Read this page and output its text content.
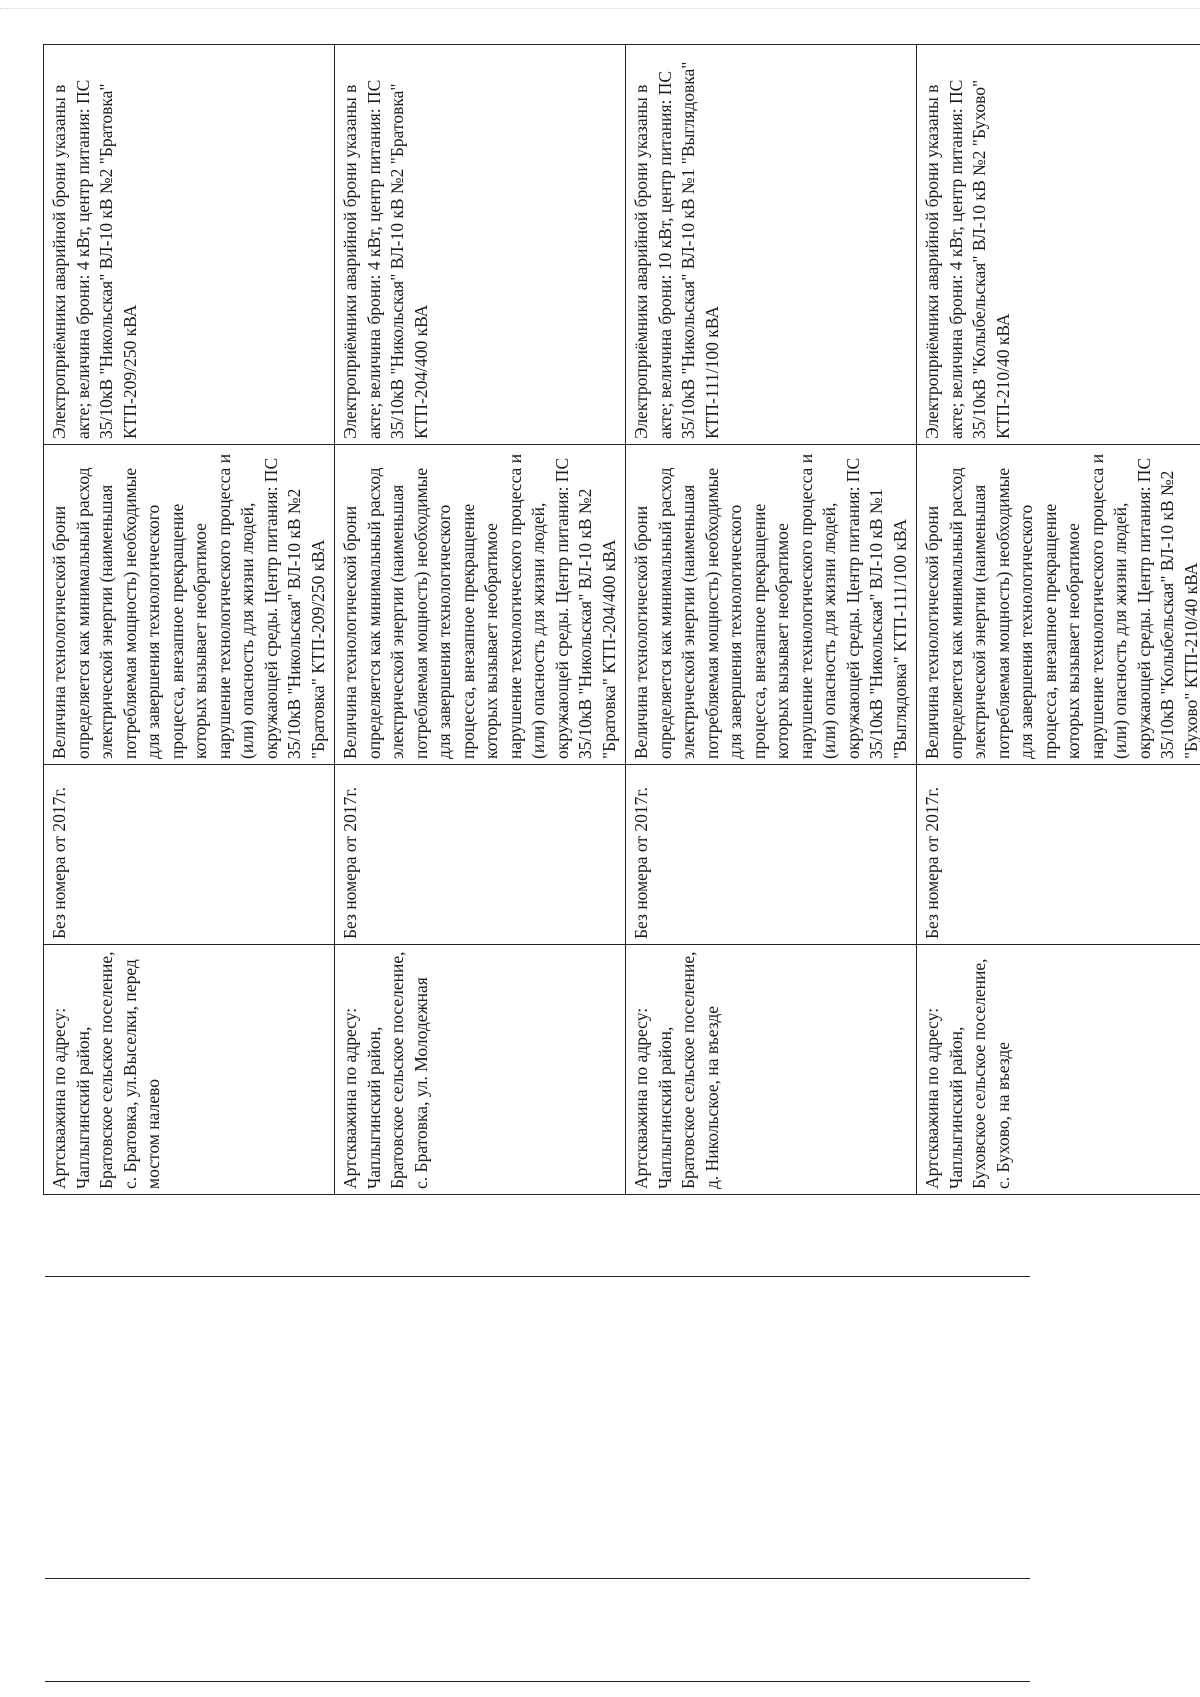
Артскважина по адресу: Чаплыгинский район, Братовское сельское поселение, с. Братовка, ул.Выселки, перед мостом налево	Без номера от 2017г.	Величина технологической брони определяется как минимальный расход электрической энергии (наименьшая потребляемая мощность) необходимые для завершения технологического процесса, внезапное прекращение которых вызывает необратимое нарушение технологического процесса и (или) опасность для жизни людей, окружающей среды. Центр питания: ПС 35/10кВ "Никольская" ВЛ-10 кВ №2 "Братовка" КТП-209/250 кВА	Электроприёмники аварийной брони указаны в акте; величина брони: 4 кВт, центр питания: ПС 35/10кВ "Никольская" ВЛ-10 кВ №2 "Братовка" КТП-209/250 кВА
Артскважина по адресу: Чаплыгинский район, Братовское сельское поселение, с. Братовка, ул. Молодежная	Без номера от 2017г.	Величина технологической брони определяется как минимальный расход электрической энергии (наименьшая потребляемая мощность) необходимые для завершения технологического процесса, внезапное прекращение которых вызывает необратимое нарушение технологического процесса и (или) опасность для жизни людей, окружающей среды. Центр питания: ПС 35/10кВ "Никольская" ВЛ-10 кВ №2 "Братовка" КТП-204/400 кВА	Электроприёмники аварийной брони указаны в акте; величина брони: 4 кВт, центр питания: ПС 35/10кВ "Никольская" ВЛ-10 кВ №2 "Братовка" КТП-204/400 кВА
Артскважина по адресу: Чаплыгинский район, Братовское сельское поселение, д. Никольское, на въезде	Без номера от 2017г.	Величина технологической брони определяется как минимальный расход электрической энергии (наименьшая потребляемая мощность) необходимые для завершения технологического процесса, внезапное прекращение которых вызывает необратимое нарушение технологического процесса и (или) опасность для жизни людей, окружающей среды. Центр питания: ПС 35/10кВ "Никольская" ВЛ-10 кВ №1 "Выглядовка" КТП-111/100 кВА	Электроприёмники аварийной брони указаны в акте; величина брони: 10 кВт, центр питания: ПС 35/10кВ "Никольская" ВЛ-10 кВ №1 "Выглядовка" КТП-111/100 кВА
Артскважина по адресу: Чаплыгинский район, Буховское сельское поселение, с. Бухово, на въезде	Без номера от 2017г.	Величина технологической брони определяется как минимальный расход электрической энергии (наименьшая потребляемая мощность) необходимые для завершения технологического процесса, внезапное прекращение которых вызывает необратимое нарушение технологического процесса и (или) опасность для жизни людей, окружающей среды. Центр питания: ПС 35/10кВ "Колыбельская" ВЛ-10 кВ №2 "Бухово" КТП-210/40 кВА	Электроприёмники аварийной брони указаны в акте; величина брони: 4 кВт, центр питания: ПС 35/10кВ "Колыбельская" ВЛ-10 кВ №2 "Бухово" КТП-210/40 кВА
